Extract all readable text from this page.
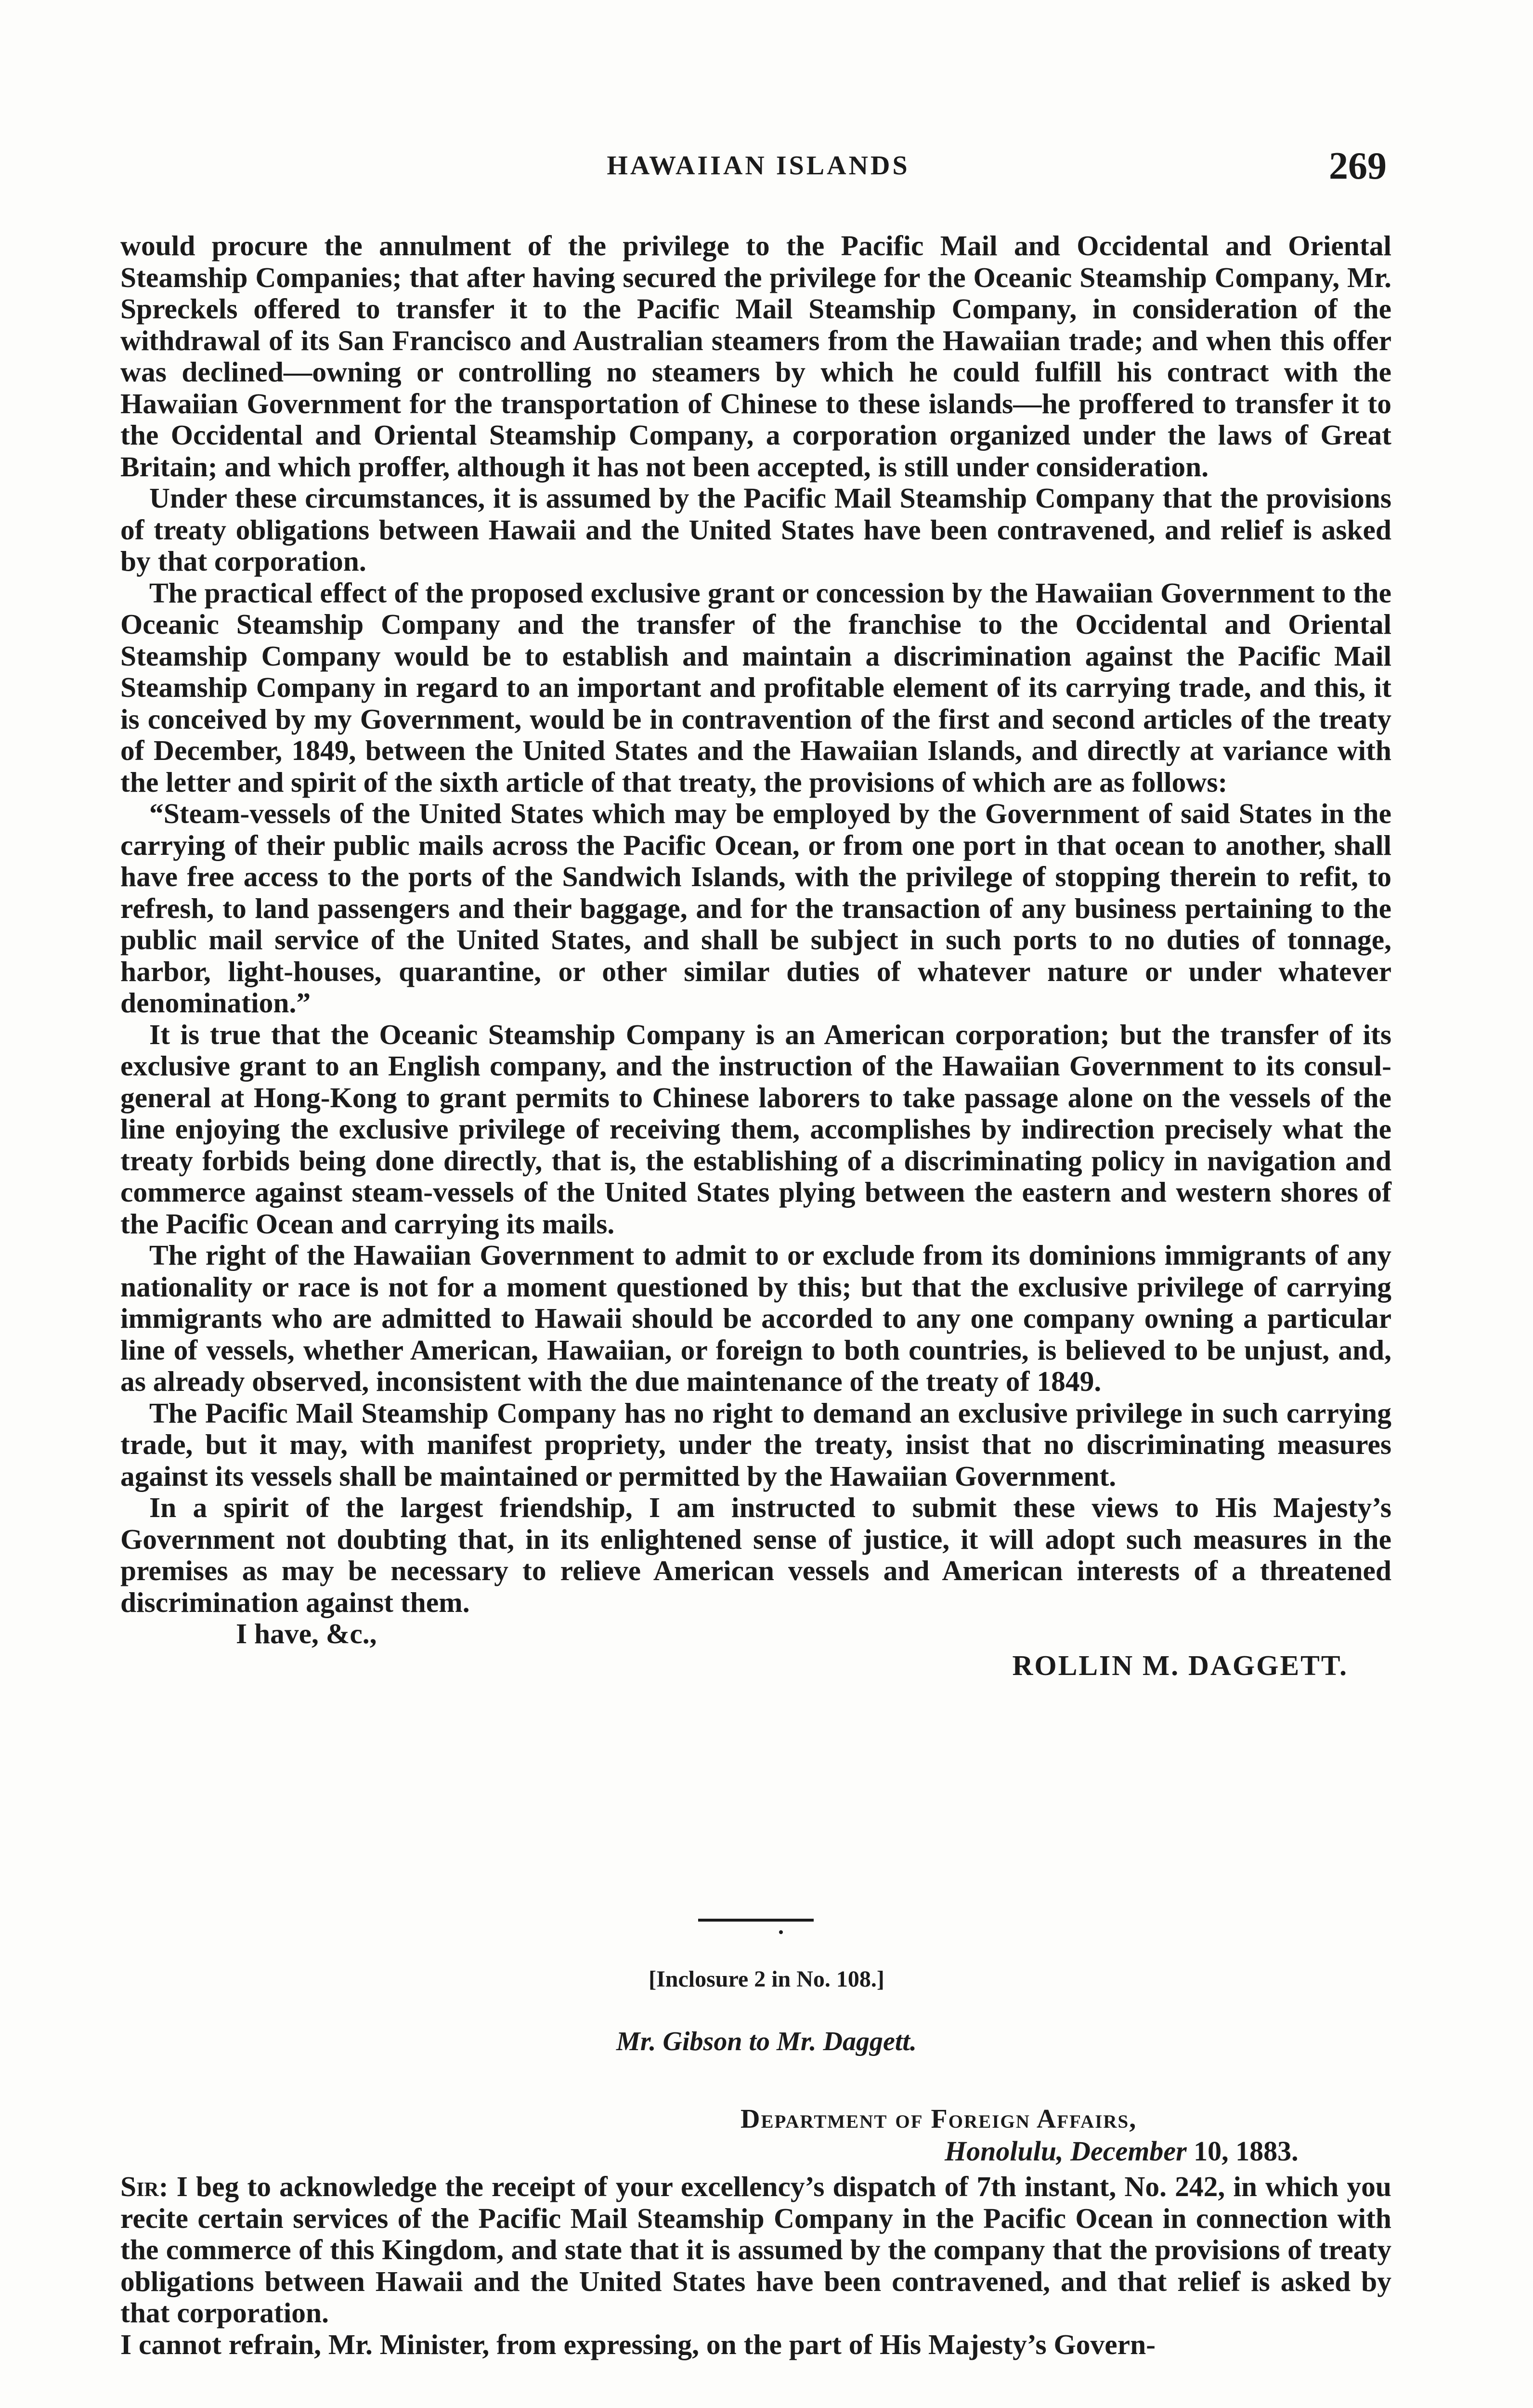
HAWAIIAN ISLANDS	269

would procure the annulment of the privilege to the Pacific Mail and Occidental and Oriental Steamship Companies; that after having secured the privilege for the Oceanic Steamship Company, Mr. Spreckels offered to transfer it to the Pacific Mail Steamship Company, in consideration of the withdrawal of its San Francisco and Australian steamers from the Hawaiian trade; and when this offer was declined—owning or controlling no steamers by which he could fulfill his contract with the Hawaiian Government for the transportation of Chinese to these islands—he proffered to transfer it to the Occidental and Oriental Steamship Company, a corporation organized under the laws of Great Britain; and which proffer, although it has not been accepted, is still under consideration.

Under these circumstances, it is assumed by the Pacific Mail Steamship Company that the provisions of treaty obligations between Hawaii and the United States have been contravened, and relief is asked by that corporation.

The practical effect of the proposed exclusive grant or concession by the Hawaiian Government to the Oceanic Steamship Company and the transfer of the franchise to the Occidental and Oriental Steamship Company would be to establish and maintain a discrimination against the Pacific Mail Steamship Company in regard to an important and profitable element of its carrying trade, and this, it is conceived by my Government, would be in contravention of the first and second articles of the treaty of December, 1849, between the United States and the Hawaiian Islands, and directly at variance with the letter and spirit of the sixth article of that treaty, the provisions of which are as follows:

“Steam-vessels of the United States which may be employed by the Government of said States in the carrying of their public mails across the Pacific Ocean, or from one port in that ocean to another, shall have free access to the ports of the Sandwich Islands, with the privilege of stopping therein to refit, to refresh, to land passengers and their baggage, and for the transaction of any business pertaining to the public mail service of the United States, and shall be subject in such ports to no duties of tonnage, harbor, light-houses, quarantine, or other similar duties of whatever nature or under whatever denomination.”

It is true that the Oceanic Steamship Company is an American corporation; but the transfer of its exclusive grant to an English company, and the instruction of the Hawaiian Government to its consul-general at Hong-Kong to grant permits to Chinese laborers to take passage alone on the vessels of the line enjoying the exclusive privilege of receiving them, accomplishes by indirection precisely what the treaty forbids being done directly, that is, the establishing of a discriminating policy in navigation and commerce against steam-vessels of the United States plying between the eastern and western shores of the Pacific Ocean and carrying its mails.

The right of the Hawaiian Government to admit to or exclude from its dominions immigrants of any nationality or race is not for a moment questioned by this; but that the exclusive privilege of carrying immigrants who are admitted to Hawaii should be accorded to any one company owning a particular line of vessels, whether American, Hawaiian, or foreign to both countries, is believed to be unjust, and, as already observed, inconsistent with the due maintenance of the treaty of 1849.

The Pacific Mail Steamship Company has no right to demand an exclusive privilege in such carrying trade, but it may, with manifest propriety, under the treaty, insist that no discriminating measures against its vessels shall be maintained or permitted by the Hawaiian Government.

In a spirit of the largest friendship, I am instructed to submit these views to His Majesty’s Government not doubting that, in its enlightened sense of justice, it will adopt such measures in the premises as may be necessary to relieve American vessels and American interests of a threatened discrimination against them.

I have, &c.,

ROLLIN M. DAGGETT.

[Inclosure 2 in No. 108.]
Mr. Gibson to Mr. Daggett.
Department of Foreign Affairs,
Honolulu, December 10, 1883.

Sir: I beg to acknowledge the receipt of your excellency’s dispatch of 7th instant, No. 242, in which you recite certain services of the Pacific Mail Steamship Company in the Pacific Ocean in connection with the commerce of this Kingdom, and state that it is assumed by the company that the provisions of treaty obligations between Hawaii and the United States have been contravened, and that relief is asked by that corporation.

I cannot refrain, Mr. Minister, from expressing, on the part of His Majesty’s Govern-
